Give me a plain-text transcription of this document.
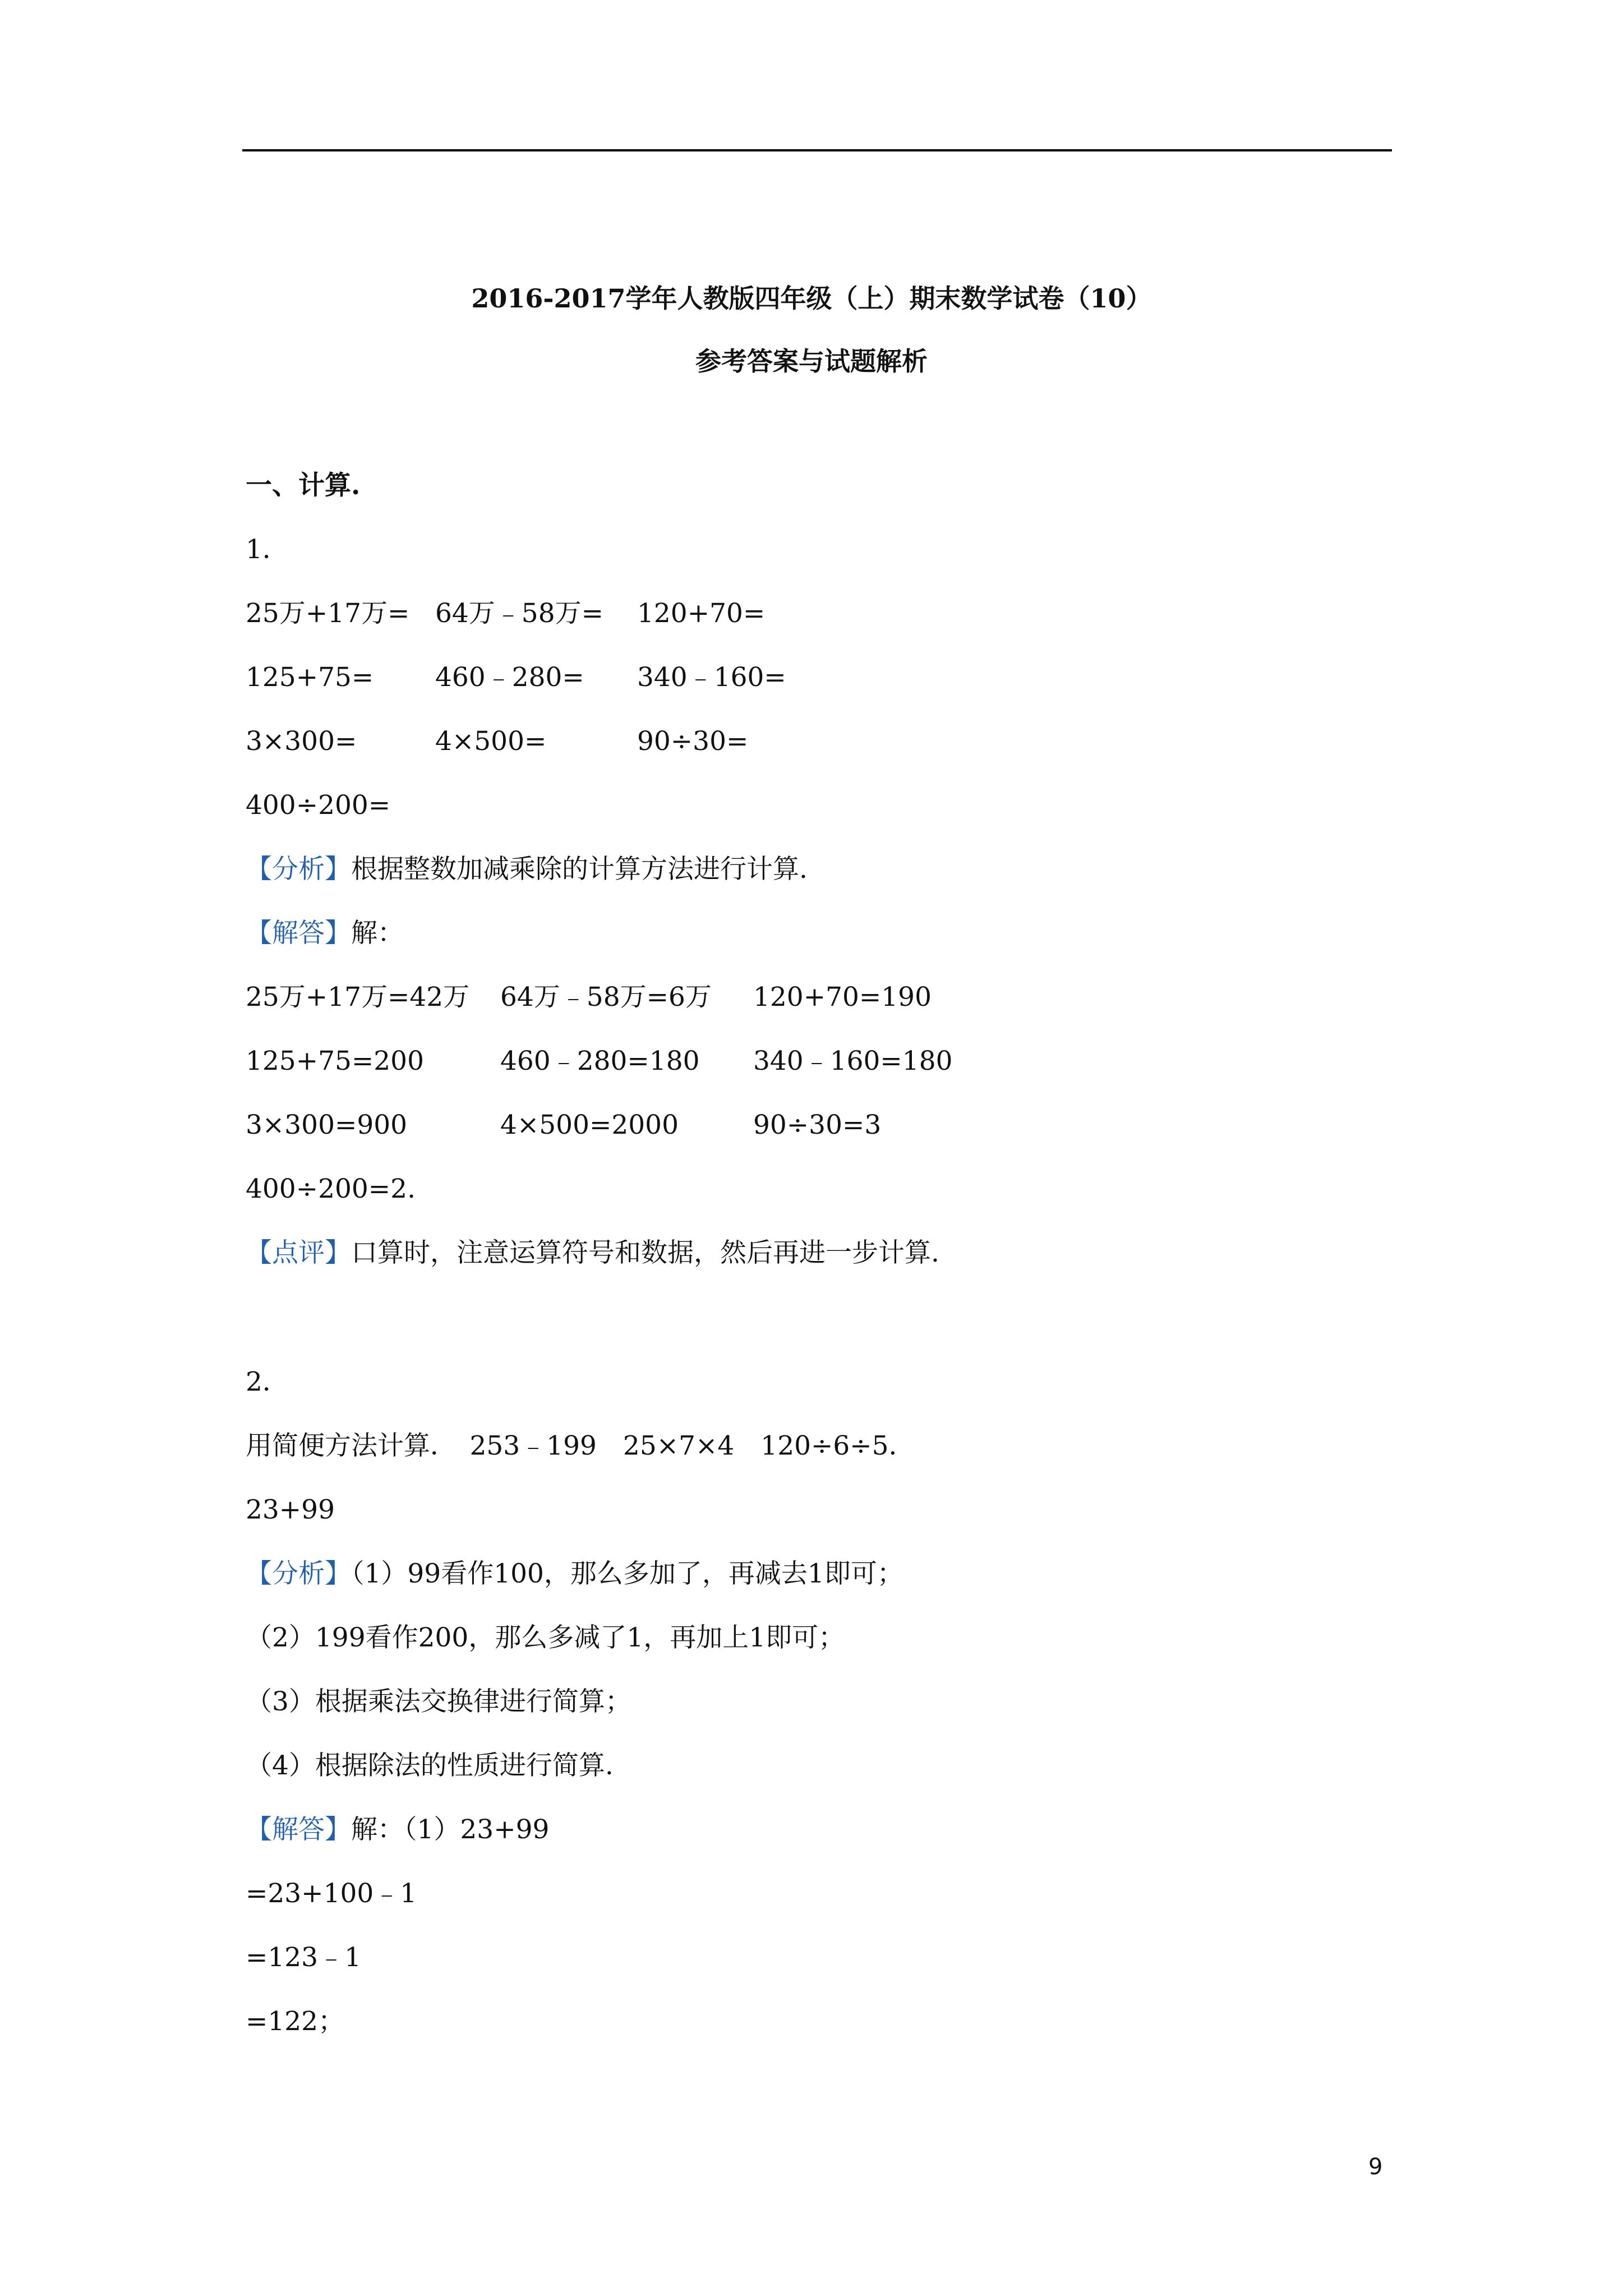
2016-2017学年人教版四年级（上）期末数学试卷（10）
参考答案与试题解析
一、计算.
1．
25万+17万= 64万﹣58万= 120+70=
125+75= 460﹣280= 340﹣160=
3×300=	4×500=	90÷30=
400÷200=
【分析】根据整数加减乘除的计算方法进行计算.
【解答】解：
25万+17万=42万 64万﹣58万=6万 120+70=190
125+75=200	460﹣280=180 340﹣160=180
3×300=900	4×500=2000	90÷30=3
400÷200=2.
【点评】口算时，注意运算符号和数据，然后再进一步计算.
2．
用简便方法计算．　253﹣199　25×7×4　120÷6÷5．
23+99
【分析】（1）99看作100，那么多加了，再减去1即可；
（2）199看作200，那么多减了1，再加上1即可；
（3）根据乘法交换律进行简算；
（4）根据除法的性质进行简算.
【解答】解：（1）23+99
=23+100﹣1
=123﹣1
=122；
9
